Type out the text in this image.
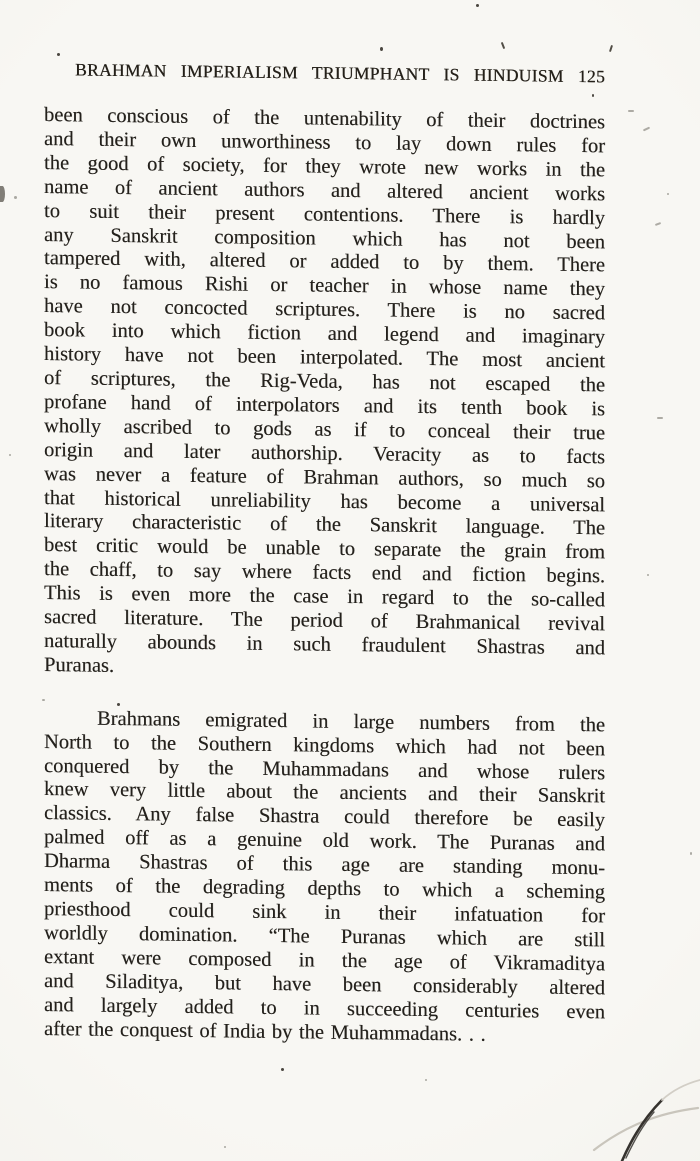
BRAHMAN IMPERIALISM TRIUMPHANT IS HINDUISM 125
been conscious of the untenability of their doctrines
and their own unworthiness to lay down rules for
the good of society, for they wrote new works in the
name of ancient authors and altered ancient works
to suit their present contentions. There is hardly
any Sanskrit composition which has not been
tampered with, altered or added to by them. There
is no famous Rishi or teacher in whose name they
have not concocted scriptures. There is no sacred
book into which fiction and legend and imaginary
history have not been interpolated. The most ancient
of scriptures, the Rig-Veda, has not escaped the
profane hand of interpolators and its tenth book is
wholly ascribed to gods as if to conceal their true
origin and later authorship. Veracity as to facts
was never a feature of Brahman authors, so much so
that historical unreliability has become a universal
literary characteristic of the Sanskrit language. The
best critic would be unable to separate the grain from
the chaff, to say where facts end and fiction begins.
This is even more the case in regard to the so-called
sacred literature. The period of Brahmanical revival
naturally abounds in such fraudulent Shastras and
Puranas.
Brahmans emigrated in large numbers from the
North to the Southern kingdoms which had not been
conquered by the Muhammadans and whose rulers
knew very little about the ancients and their Sanskrit
classics. Any false Shastra could therefore be easily
palmed off as a genuine old work. The Puranas and
Dharma Shastras of this age are standing monu-
ments of the degrading depths to which a scheming
priesthood could sink in their infatuation for
worldly domination. “The Puranas which are still
extant were composed in the age of Vikramaditya
and Siladitya, but have been considerably altered
and largely added to in succeeding centuries even
after the conquest of India by the Muhammadans. . .
